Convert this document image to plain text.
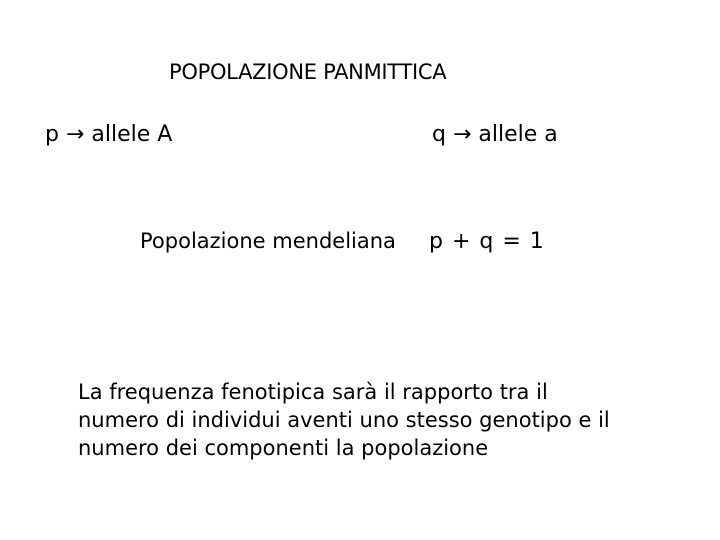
POPOLAZIONE PANMITTICA
p → allele A	q → allele a
Popolazione mendeliana p + q = 1
La frequenza fenotipica sarà il rapporto tra il
numero di individui aventi uno stesso genotipo e il
numero dei componenti la popolazione
